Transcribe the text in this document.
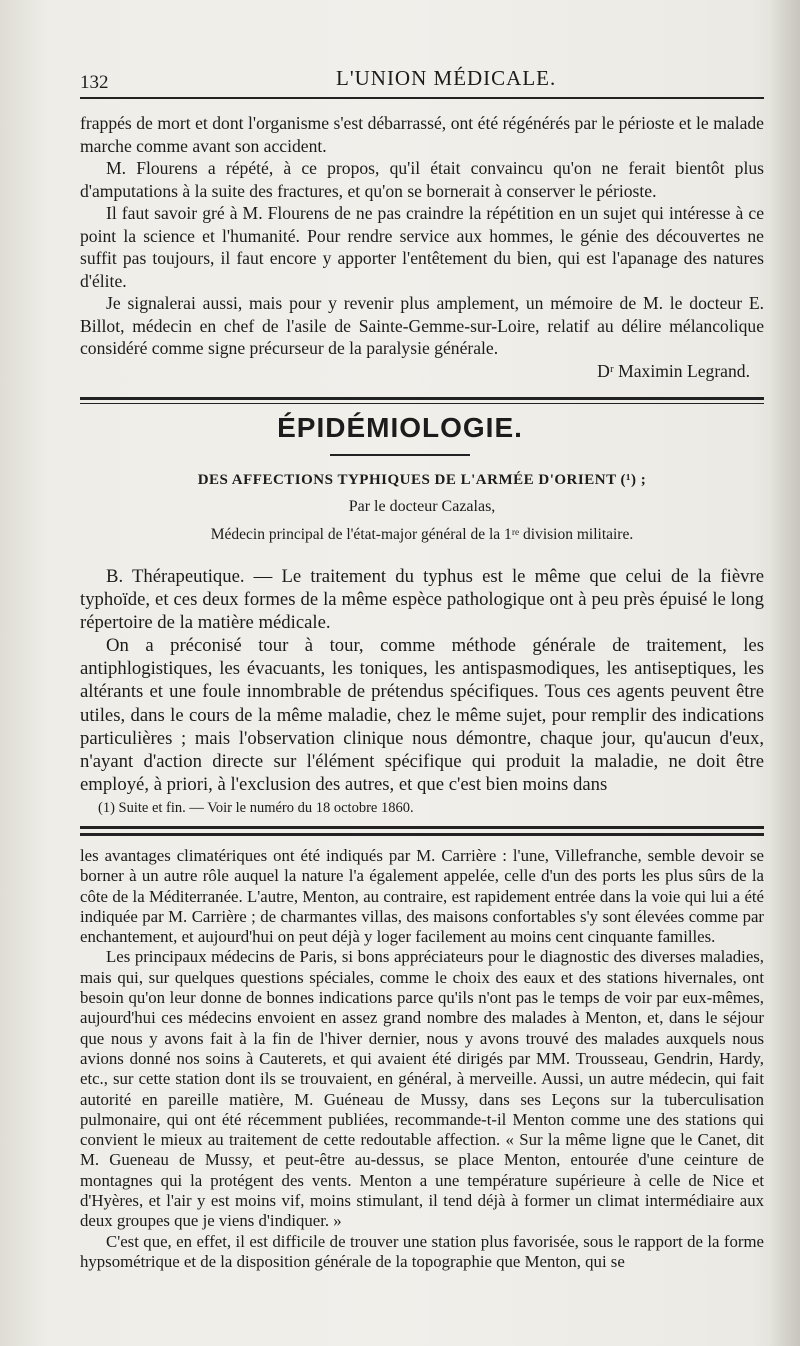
132	L'UNION MÉDICALE.

frappés de mort et dont l'organisme s'est débarrassé, ont été régénérés par le périoste et le malade marche comme avant son accident.

M. Flourens a répété, à ce propos, qu'il était convaincu qu'on ne ferait bientôt plus d'amputations à la suite des fractures, et qu'on se bornerait à conserver le périoste.

Il faut savoir gré à M. Flourens de ne pas craindre la répétition en un sujet qui intéresse à ce point la science et l'humanité. Pour rendre service aux hommes, le génie des découvertes ne suffit pas toujours, il faut encore y apporter l'entêtement du bien, qui est l'apanage des natures d'élite.

Je signalerai aussi, mais pour y revenir plus amplement, un mémoire de M. le docteur E. Billot, médecin en chef de l'asile de Sainte-Gemme-sur-Loire, relatif au délire mélancolique considéré comme signe précurseur de la paralysie générale.

Dʳ Maximin Legrand.

ÉPIDÉMIOLOGIE.
DES AFFECTIONS TYPHIQUES DE L'ARMÉE D'ORIENT (¹) ;
Par le docteur Cazalas,
Médecin principal de l'état-major général de la 1ʳᵉ division militaire.

B. Thérapeutique. — Le traitement du typhus est le même que celui de la fièvre typhoïde, et ces deux formes de la même espèce pathologique ont à peu près épuisé le long répertoire de la matière médicale.

On a préconisé tour à tour, comme méthode générale de traitement, les antiphlogistiques, les évacuants, les toniques, les antispasmodiques, les antiseptiques, les altérants et une foule innombrable de prétendus spécifiques. Tous ces agents peuvent être utiles, dans le cours de la même maladie, chez le même sujet, pour remplir des indications particulières ; mais l'observation clinique nous démontre, chaque jour, qu'aucun d'eux, n'ayant d'action directe sur l'élément spécifique qui produit la maladie, ne doit être employé, à priori, à l'exclusion des autres, et que c'est bien moins dans

(1) Suite et fin. — Voir le numéro du 18 octobre 1860.

les avantages climatériques ont été indiqués par M. Carrière : l'une, Villefranche, semble devoir se borner à un autre rôle auquel la nature l'a également appelée, celle d'un des ports les plus sûrs de la côte de la Méditerranée. L'autre, Menton, au contraire, est rapidement entrée dans la voie qui lui a été indiquée par M. Carrière ; de charmantes villas, des maisons confortables s'y sont élevées comme par enchantement, et aujourd'hui on peut déjà y loger facilement au moins cent cinquante familles.

Les principaux médecins de Paris, si bons appréciateurs pour le diagnostic des diverses maladies, mais qui, sur quelques questions spéciales, comme le choix des eaux et des stations hivernales, ont besoin qu'on leur donne de bonnes indications parce qu'ils n'ont pas le temps de voir par eux-mêmes, aujourd'hui ces médecins envoient en assez grand nombre des malades à Menton, et, dans le séjour que nous y avons fait à la fin de l'hiver dernier, nous y avons trouvé des malades auxquels nous avions donné nos soins à Cauterets, et qui avaient été dirigés par MM. Trousseau, Gendrin, Hardy, etc., sur cette station dont ils se trouvaient, en général, à merveille. Aussi, un autre médecin, qui fait autorité en pareille matière, M. Guéneau de Mussy, dans ses Leçons sur la tuberculisation pulmonaire, qui ont été récemment publiées, recommande-t-il Menton comme une des stations qui convient le mieux au traitement de cette redoutable affection. « Sur la même ligne que le Canet, dit M. Gueneau de Mussy, et peut-être au-dessus, se place Menton, entourée d'une ceinture de montagnes qui la protégent des vents. Menton a une température supérieure à celle de Nice et d'Hyères, et l'air y est moins vif, moins stimulant, il tend déjà à former un climat intermédiaire aux deux groupes que je viens d'indiquer. »

C'est que, en effet, il est difficile de trouver une station plus favorisée, sous le rapport de la forme hypsométrique et de la disposition générale de la topographie que Menton, qui se
